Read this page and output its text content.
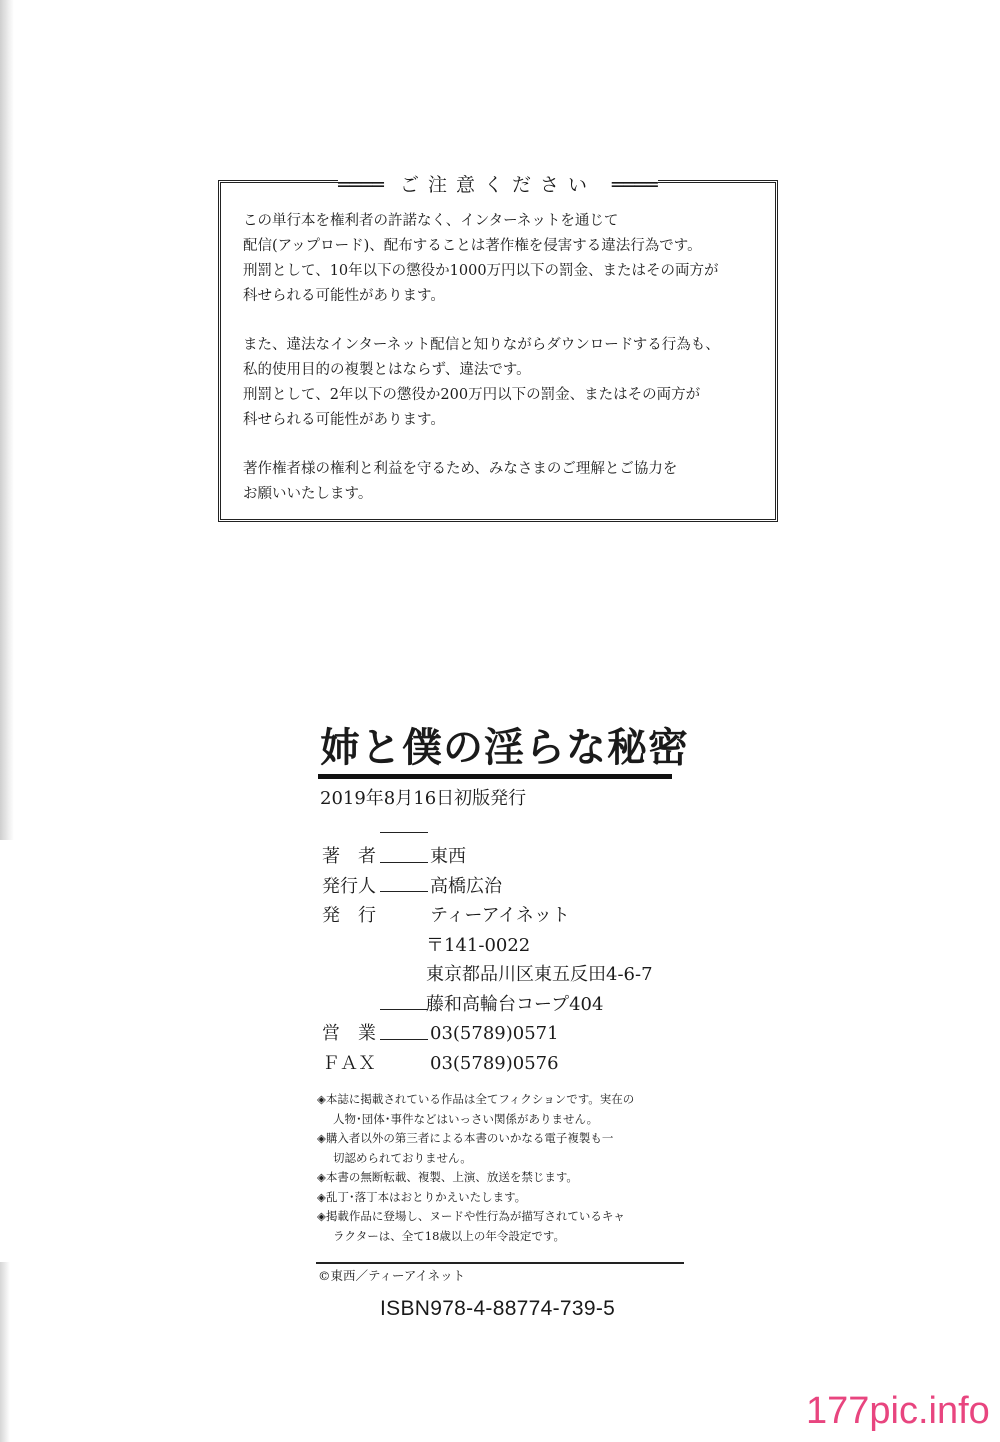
════ ご注意ください ════

この単行本を権利者の許諾なく、インターネットを通じて
配信(アップロード)、配布することは著作権を侵害する違法行為です。
刑罰として、10年以下の懲役か1000万円以下の罰金、またはその両方が
科せられる可能性があります。

また、違法なインターネット配信と知りながらダウンロードする行為も、
私的使用目的の複製とはならず、違法です。
刑罰として、2年以下の懲役か200万円以下の罰金、またはその両方が
科せられる可能性があります。

著作権者様の権利と利益を守るため、みなさまのご理解とご協力を
お願いいたします。

姉と僕の淫らな秘密
2019年8月16日初版発行
著　者	東西
発行人	高橋広治
発　行	ティーアイネット
〒141-0022
東京都品川区東五反田4-6-7
藤和高輪台コープ404
営　業	03(5789)0571
ＦＡＸ	03(5789)0576
◈本誌に掲載されている作品は全てフィクションです。実在の
人物･団体･事件などはいっさい関係がありません。
◈購入者以外の第三者による本書のいかなる電子複製も一
切認められておりません。
◈本書の無断転載、複製、上演、放送を禁じます。
◈乱丁･落丁本はおとりかえいたします。
◈掲載作品に登場し、ヌードや性行為が描写されているキャ
ラクターは、全て18歳以上の年令設定です。
©東西／ティーアイネット
ISBN978-4-88774-739-5
177pic.info
